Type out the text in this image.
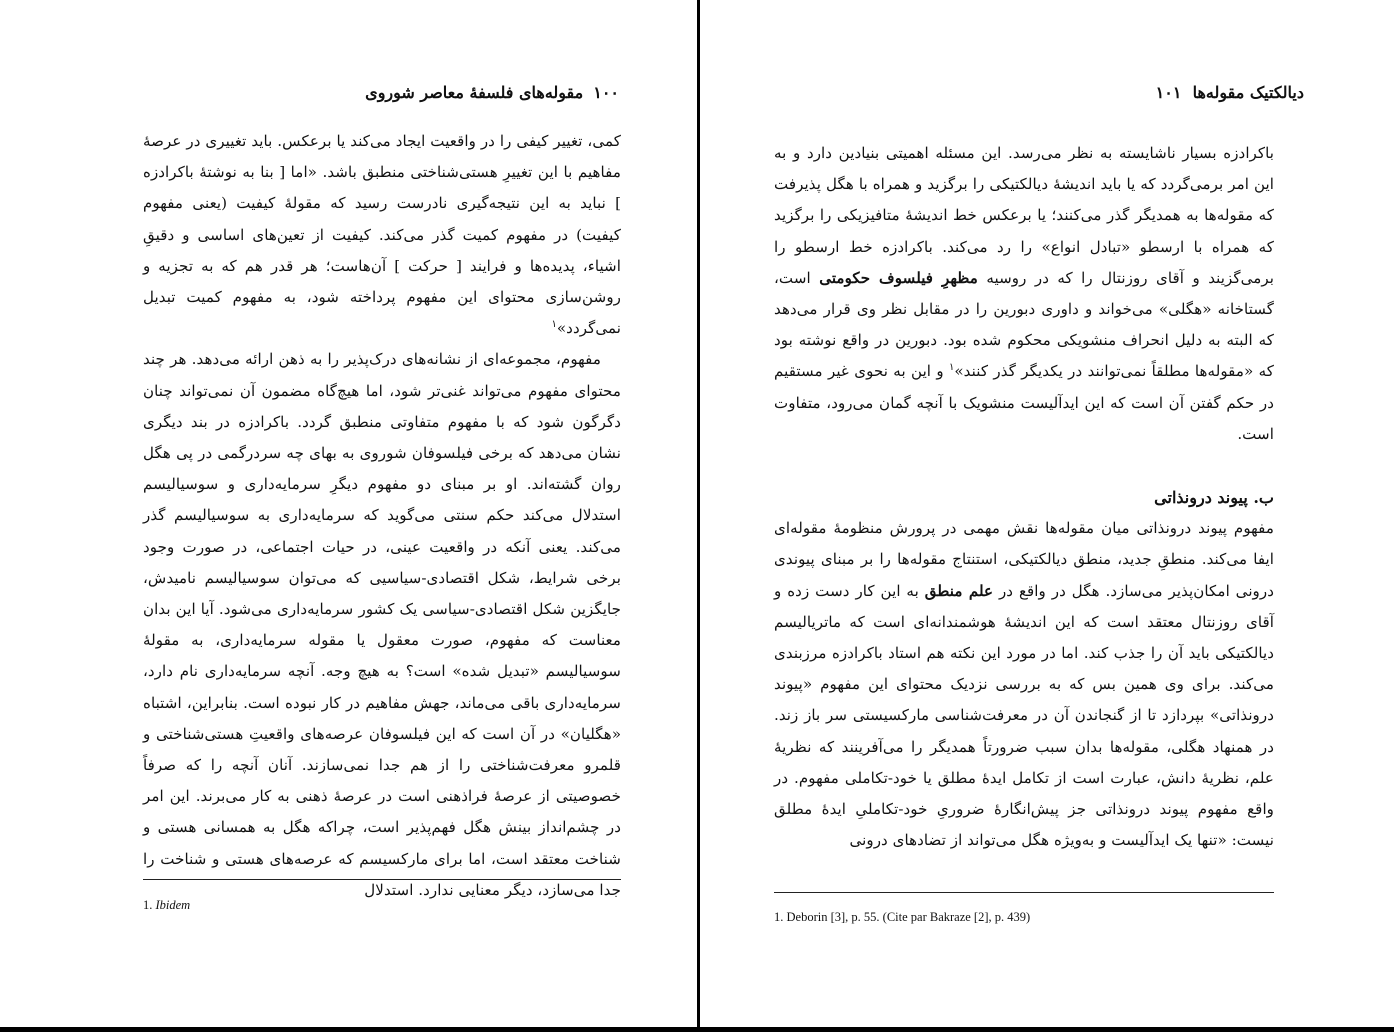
۱۰۰مقوله‌های فلسفهٔ معاصر شوروی

کمی، تغییر کیفی را در واقعیت ایجاد می‌کند یا برعکس. باید تغییری در عرصهٔ مفاهیم با این تغییرِ هستی‌شناختی منطبق باشد. «اما [ بنا به نوشتهٔ باکرادزه ] نباید به این نتیجه‌گیری نادرست رسید که مقولهٔ کیفیت (یعنی مفهوم کیفیت) در مفهوم کمیت گذر می‌کند. کیفیت از تعین‌های اساسی و دقیقِ اشیاء، پدیده‌ها و فرایند [ حرکت ] آن‌هاست؛ هر قدر هم که به تجزیه و روشن‌سازی محتوای این مفهوم پرداخته شود، به مفهوم کمیت تبدیل نمی‌گردد»$^۱$

مفهوم، مجموعه‌ای از نشانه‌های درک‌پذیر را به ذهن ارائه می‌دهد. هر چند محتوای مفهوم می‌تواند غنی‌تر شود، اما هیچ‌گاه مضمون آن نمی‌تواند چنان دگرگون شود که با مفهوم متفاوتی منطبق گردد. باکرادزه در بند دیگری نشان می‌دهد که برخی فیلسوفان شوروی به بهای چه سردرگمی در پی هگل روان گشته‌اند. او بر مبنای دو مفهوم دیگرِ سرمایه‌داری و سوسیالیسم استدلال می‌کند حکم سنتی می‌گوید که سرمایه‌داری به سوسیالیسم گذر می‌کند. یعنی آنکه در واقعیت عینی، در حیات اجتماعی، در صورت وجود برخی شرایط، شکل اقتصادی-سیاسیی که می‌توان سوسیالیسم نامیدش، جایگزین شکل اقتصادی-سیاسی یک کشور سرمایه‌داری می‌شود. آیا این بدان معناست که مفهوم، صورت معقول یا مقوله سرمایه‌داری، به مقولهٔ سوسیالیسم «تبدیل شده» است؟ به هیچ وجه. آنچه سرمایه‌داری نام دارد، سرمایه‌داری باقی می‌ماند، جهش مفاهیم در کار نبوده است. بنابراین، اشتباه «هگلیان» در آن است که این فیلسوفان عرصه‌های واقعیتِ هستی‌شناختی و قلمرو معرفت‌شناختی را از هم جدا نمی‌سازند. آنان آنچه را که صرفاً خصوصیتی از عرصهٔ فراذهنی است در عرصهٔ ذهنی به کار می‌برند. این امر در چشم‌انداز بینش هگل فهم‌پذیر است، چراکه هگل به همسانی هستی و شناخت معتقد است، اما برای مارکسیسم که عرصه‌های هستی و شناخت را جدا می‌سازد، دیگر معنایی ندارد. استدلال

1. Ibidem
دیالکتیک مقوله‌ها  ۱۰۱

باکرادزه بسیار ناشایسته به نظر می‌رسد. این مسئله اهمیتی بنیادین دارد و به این امر برمی‌گردد که یا باید اندیشهٔ دیالکتیکی را برگزید و همراه با هگل پذیرفت که مقوله‌ها به همدیگر گذر می‌کنند؛ یا برعکس خط اندیشهٔ متافیزیکی را برگزید که همراه با ارسطو «تبادل انواع» را رد می‌کند. باکرادزه خط ارسطو را برمی‌گزیند و آقای روزنتال را که در روسیه مظهرِ فیلسوف حکومتی است، گستاخانه «هگلی» می‌خواند و داوری دبورین را در مقابل نظر وی قرار می‌دهد که البته به دلیل انحراف منشویکی محکوم شده بود. دبورین در واقع نوشته بود که «مقوله‌ها مطلقاً نمی‌توانند در یکدیگر گذر کنند»$^۱$ و این به نحوی غیر مستقیم در حکم گفتن آن است که این ایدآلیست منشویک با آنچه گمان می‌رود، متفاوت است.

ب. پیوند درونذاتی

مفهوم پیوند درونذاتی میان مقوله‌ها نقش مهمی در پرورش منظومهٔ مقوله‌ای ایفا می‌کند. منطقِ جدید، منطق دیالکتیکی، استنتاج مقوله‌ها را بر مبنای پیوندی درونی امکان‌پذیر می‌سازد. هگل در واقع در علم منطق به این کار دست زده و آقای روزنتال معتقد است که این اندیشهٔ هوشمندانه‌ای است که ماتریالیسم دیالکتیکی باید آن را جذب کند. اما در مورد این نکته هم استاد باکرادزه مرزبندی می‌کند. برای وی همین بس که به بررسی نزدیک محتوای این مفهوم «پیوند درونذاتی» بپردازد تا از گنجاندن آن در معرفت‌شناسی مارکسیستی سر باز زند. در همنهاد هگلی، مقوله‌ها بدان سبب ضرورتاً همدیگر را می‌آفرینند که نظریهٔ علم، نظریهٔ دانش، عبارت است از تکامل ایدهٔ مطلق یا خود-تکاملی مفهوم. در واقع مفهوم پیوند درونذاتی جز پیش‌انگارهٔ ضروریِ خود-تکاملیِ ایدهٔ مطلق نیست: «تنها یک ایدآلیست و به‌ویژه هگل می‌تواند از تضادهای درونی

1. Deborin [3], p. 55. (Cite par Bakraze [2], p. 439)
